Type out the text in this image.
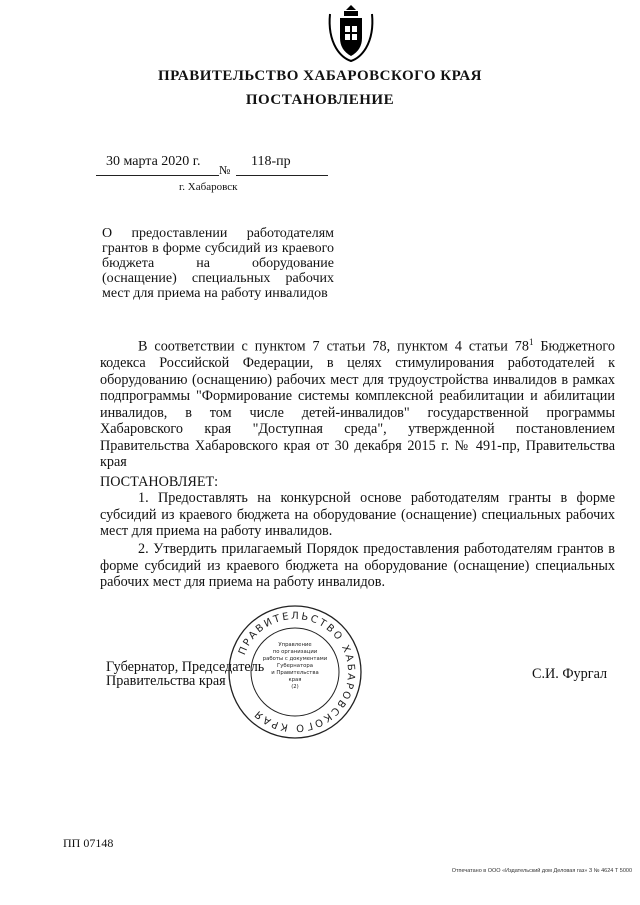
ПРАВИТЕЛЬСТВО ХАБАРОВСКОГО КРАЯ
ПОСТАНОВЛЕНИЕ
30 марта 2020 г.
№
118-пр
г. Хабаровск
О предоставлении работодателям грантов в форме субсидий из краевого бюджета на оборудование (оснащение) специальных рабочих мест для приема на работу инвалидов
В соответствии с пунктом 7 статьи 78, пунктом 4 статьи $78^1$ Бюджетного кодекса Российской Федерации, в целях стимулирования работодателей к оборудованию (оснащению) рабочих мест для трудоустройства инвалидов в рамках подпрограммы "Формирование системы комплексной реабилитации и абилитации инвалидов, в том числе детей-инвалидов" государственной программы Хабаровского края "Доступная среда", утвержденной постановлением Правительства Хабаровского края от 30 декабря 2015 г. № 491-пр, Правительства края
ПОСТАНОВЛЯЕТ:
1. Предоставлять на конкурсной основе работодателям гранты в форме субсидий из краевого бюджета на оборудование (оснащение) специальных рабочих мест для приема на работу инвалидов.
2. Утвердить прилагаемый Порядок предоставления работодателям грантов в форме субсидий из краевого бюджета на оборудование (оснащение) специальных рабочих мест для приема на работу инвалидов.
Губернатор, Председатель
Правительства края	С.И. Фургал
ПРАВИТЕЛЬСТВО ХАБАРОВСКОГО КРАЯ
Управление
по организации
работы с документами
Губернатора
и Правительства
края
(2)
ПП 07148
Отпечатано в ООО «Издательский дом Деловая газ» З № 4624 Т 5000
